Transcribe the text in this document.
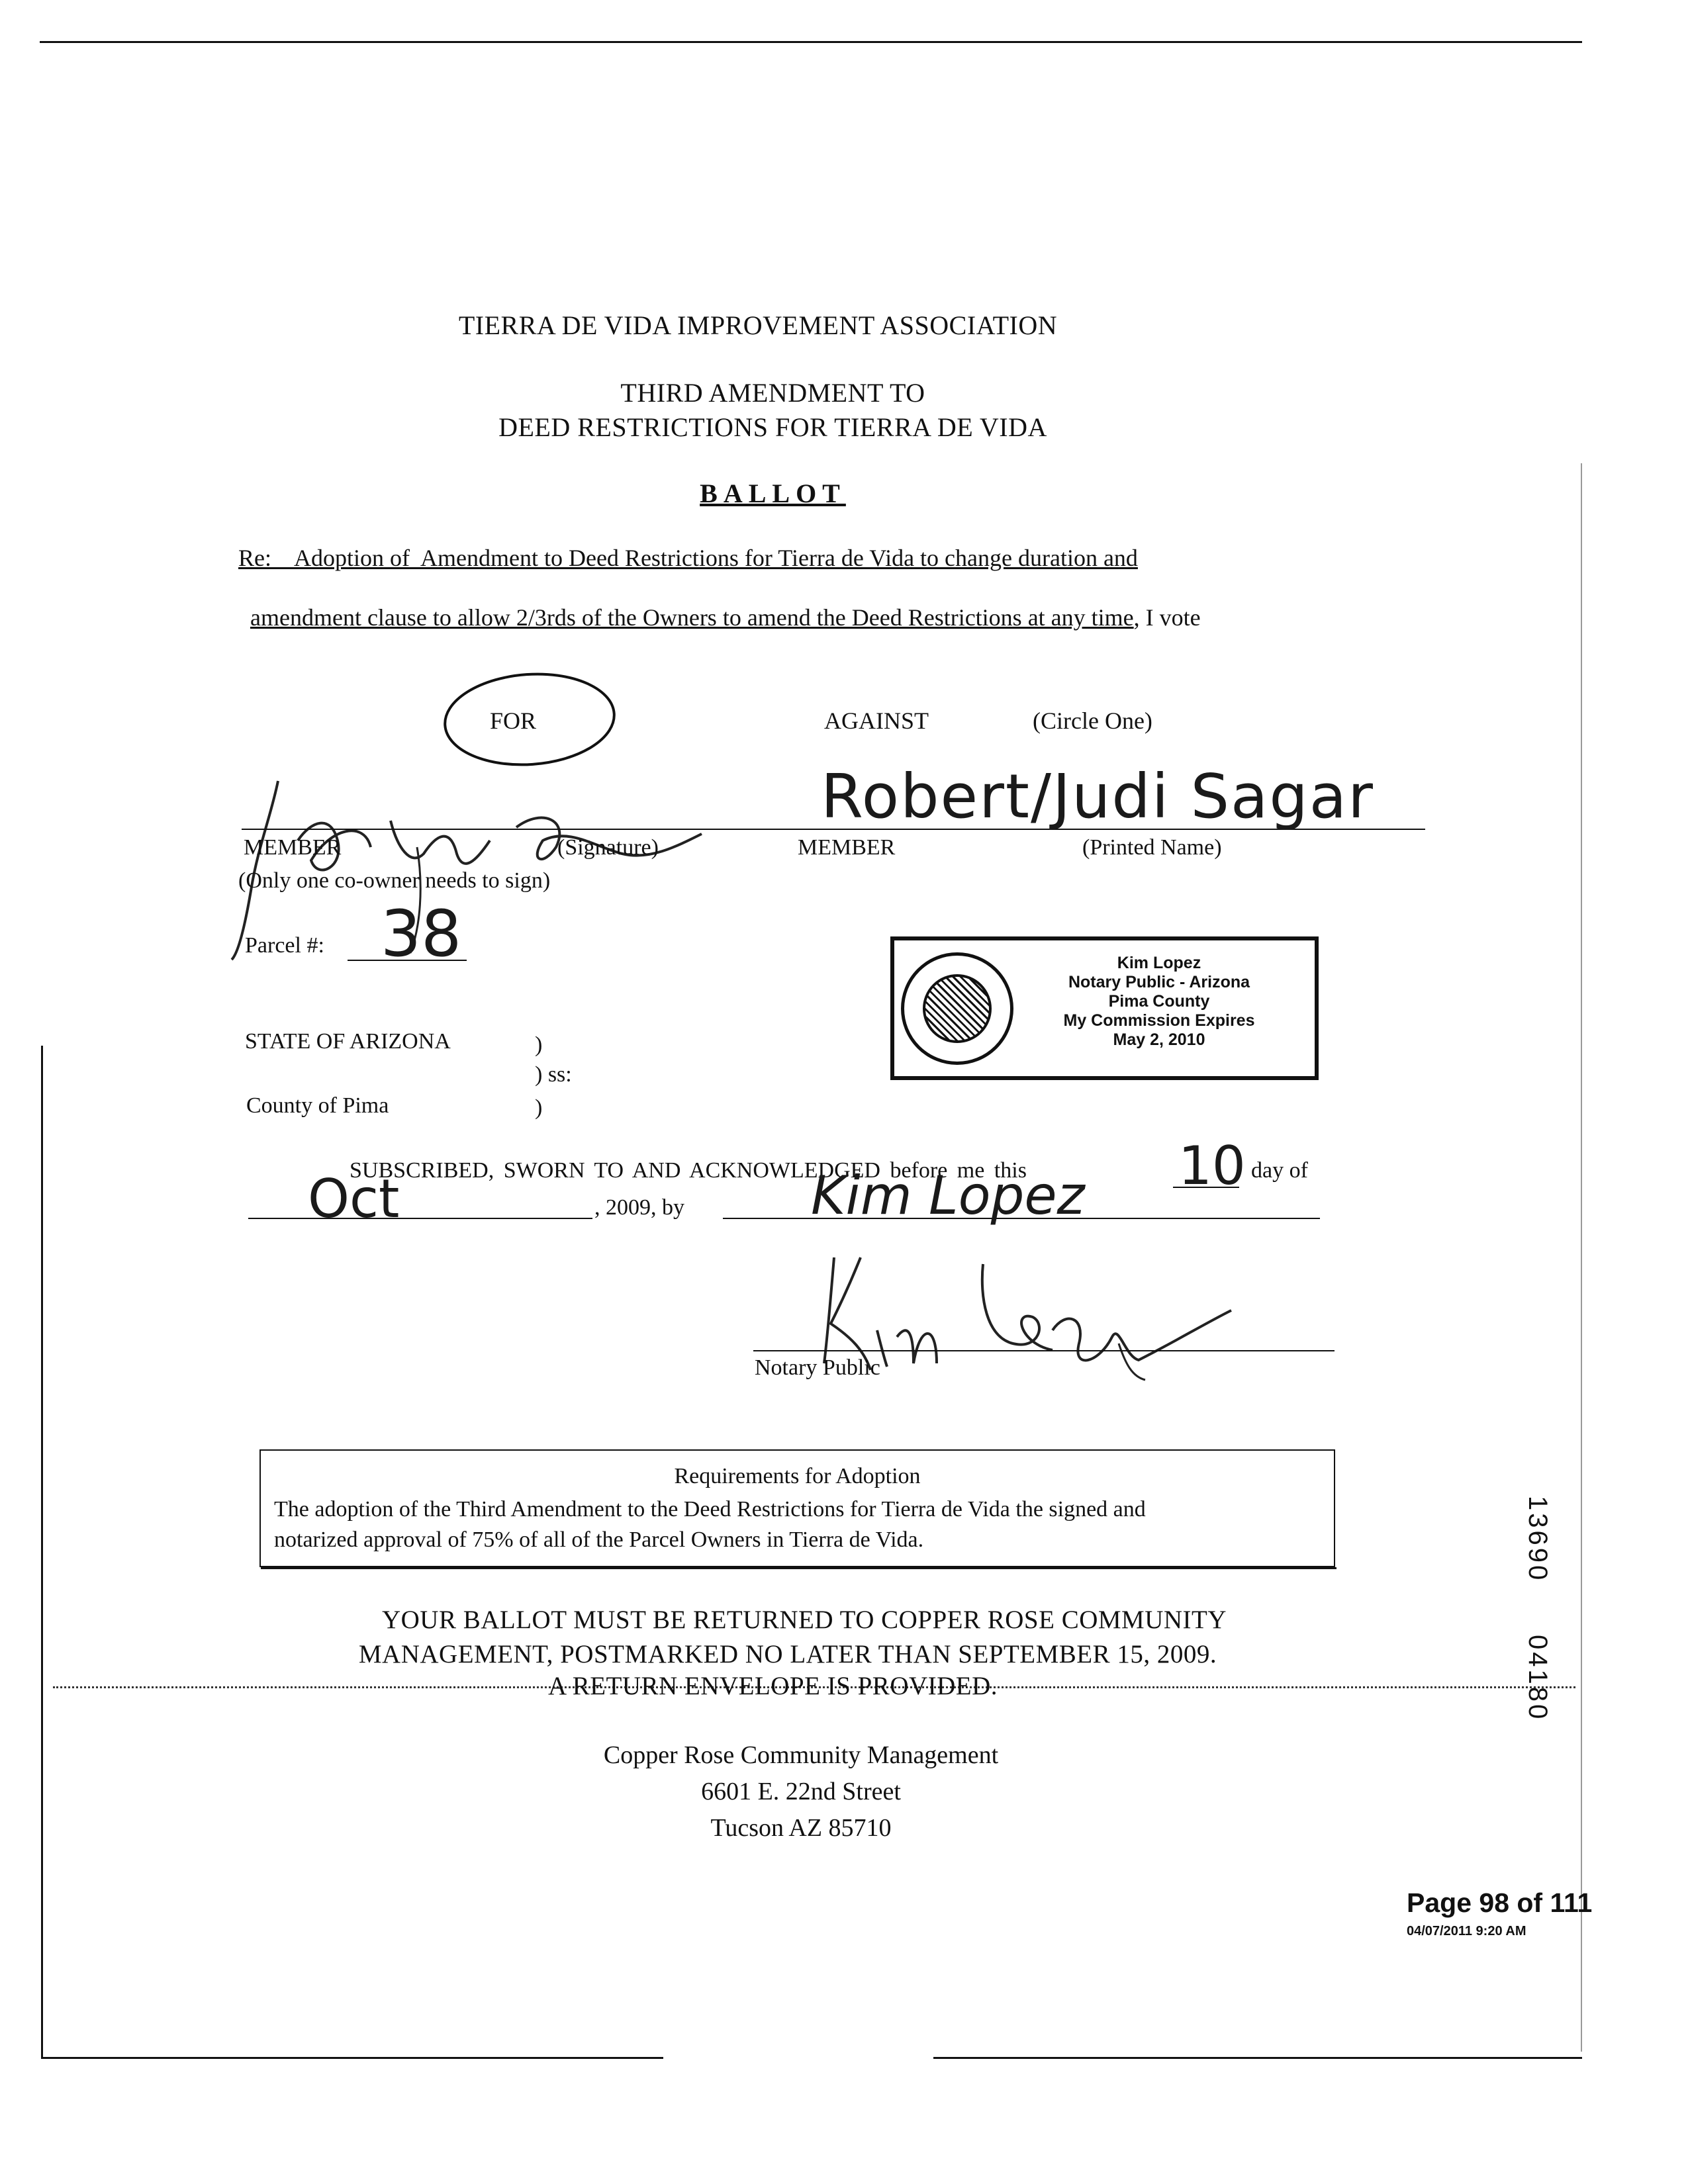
TIERRA DE VIDA IMPROVEMENT ASSOCIATION
THIRD AMENDMENT TO
DEED RESTRICTIONS FOR TIERRA DE VIDA
BALLOT
Re:    Adoption of  Amendment to Deed Restrictions for Tierra de Vida to change duration and

amendment clause to allow 2/3rds of the Owners to amend the Deed Restrictions at any time, I vote

FOR	AGAINST	(Circle One)
Robert/Judi Sagar
MEMBER	(Signature)	MEMBER	(Printed Name)
(Only one co-owner needs to sign)
Parcel #: 38	Kim Lopez
Notary Public - Arizona
Pima County
My Commission Expires
May 2, 2010
STATE OF ARIZONA	)
) ss:
County of Pima	)
SUBSCRIBED, SWORN TO AND ACKNOWLEDGED before me this	10 day of
Oct	, 2009, by Kim Lopez
Notary Public
Requirements for Adoption
The adoption of the Third Amendment to the Deed Restrictions for Tierra de Vida the signed and
notarized approval of 75% of all of the Parcel Owners in Tierra de Vida.	13690
04180
YOUR BALLOT MUST BE RETURNED TO COPPER ROSE COMMUNITY
MANAGEMENT, POSTMARKED NO LATER THAN SEPTEMBER 15, 2009.
A RETURN ENVELOPE IS PROVIDED.
Copper Rose Community Management
6601 E. 22nd Street
Tucson AZ 85710
Page 98 of 111
04/07/2011 9:20 AM
